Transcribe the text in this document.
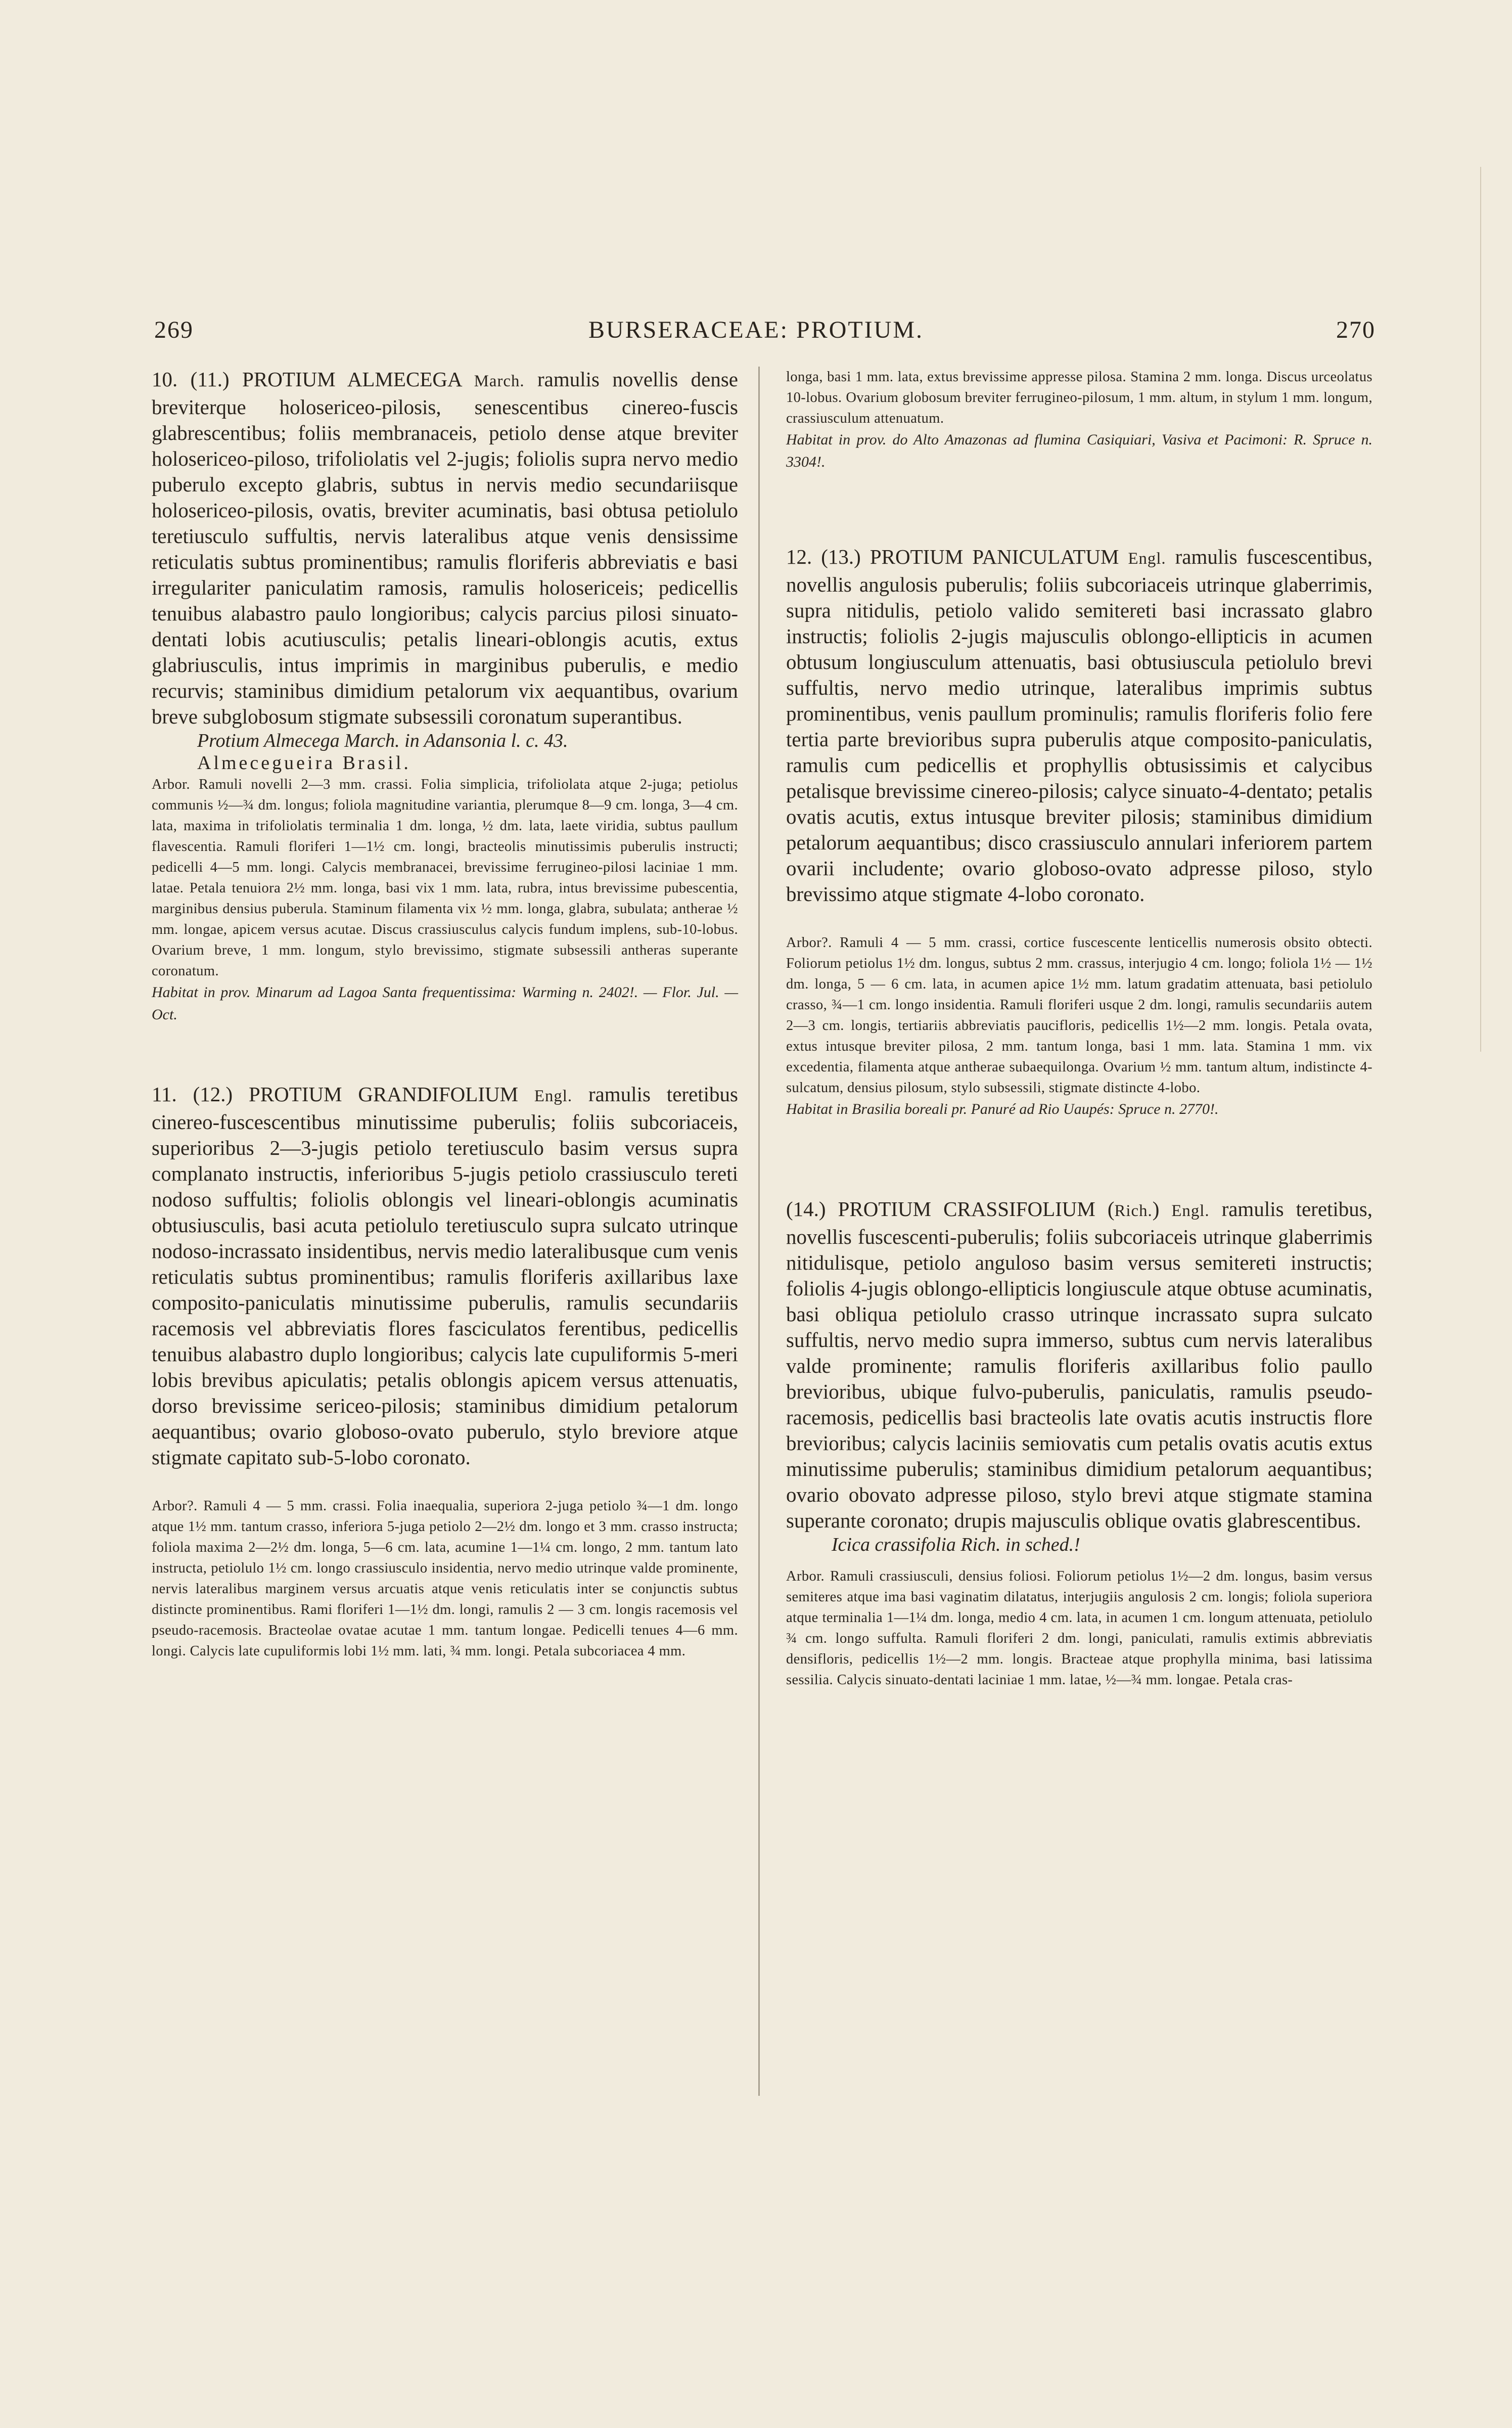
269	BURSERACEAE: PROTIUM.	270

10. (11.) PROTIUM ALMECEGA March. ramulis novellis dense breviterque holosericeo-pilosis, senescentibus cinereo-fuscis glabrescentibus; foliis membranaceis, petiolo dense atque breviter holosericeo-piloso, trifoliolatis vel 2-jugis; foliolis supra nervo medio puberulo excepto glabris, subtus in nervis medio secundariisque holosericeo-pilosis, ovatis, breviter acuminatis, basi obtusa petiolulo teretiusculo suffultis, nervis lateralibus atque venis densissime reticulatis subtus prominentibus; ramulis floriferis abbreviatis e basi irregulariter paniculatim ramosis, ramulis holosericeis; pedicellis tenuibus alabastro paulo longioribus; calycis parcius pilosi sinuato-dentati lobis acutiusculis; petalis lineari-oblongis acutis, extus glabriusculis, intus imprimis in marginibus puberulis, e medio recurvis; staminibus dimidium petalorum vix aequantibus, ovarium breve subglobosum stigmate subsessili coronatum superantibus.

Protium Almecega March. in Adansonia l. c. 43.

Almecegueira Brasil.

Arbor. Ramuli novelli 2—3 mm. crassi. Folia simplicia, trifoliolata atque 2-juga; petiolus communis ½—¾ dm. longus; foliola magnitudine variantia, plerumque 8—9 cm. longa, 3—4 cm. lata, maxima in trifoliolatis terminalia 1 dm. longa, ½ dm. lata, laete viridia, subtus paullum flavescentia. Ramuli floriferi 1—1½ cm. longi, bracteolis minutissimis puberulis instructi; pedicelli 4—5 mm. longi. Calycis membranacei, brevissime ferrugineo-pilosi laciniae 1 mm. latae. Petala tenuiora 2½ mm. longa, basi vix 1 mm. lata, rubra, intus brevissime pubescentia, marginibus densius puberula. Staminum filamenta vix ½ mm. longa, glabra, subulata; antherae ½ mm. longae, apicem versus acutae. Discus crassiusculus calycis fundum implens, sub-10-lobus. Ovarium breve, 1 mm. longum, stylo brevissimo, stigmate subsessili antheras superante coronatum.

Habitat in prov. Minarum ad Lagoa Santa frequentissima: Warming n. 2402!. — Flor. Jul. — Oct.

11. (12.) PROTIUM GRANDIFOLIUM Engl. ramulis teretibus cinereo-fuscescentibus minutissime puberulis; foliis subcoriaceis, superioribus 2—3-jugis petiolo teretiusculo basim versus supra complanato instructis, inferioribus 5-jugis petiolo crassiusculo tereti nodoso suffultis; foliolis oblongis vel lineari-oblongis acuminatis obtusiusculis, basi acuta petiolulo teretiusculo supra sulcato utrinque nodoso-incrassato insidentibus, nervis medio lateralibusque cum venis reticulatis subtus prominentibus; ramulis floriferis axillaribus laxe composito-paniculatis minutissime puberulis, ramulis secundariis racemosis vel abbreviatis flores fasciculatos ferentibus, pedicellis tenuibus alabastro duplo longioribus; calycis late cupuliformis 5-meri lobis brevibus apiculatis; petalis oblongis apicem versus attenuatis, dorso brevissime sericeo-pilosis; staminibus dimidium petalorum aequantibus; ovario globoso-ovato puberulo, stylo breviore atque stigmate capitato sub-5-lobo coronato.

Arbor?. Ramuli 4 — 5 mm. crassi. Folia inaequalia, superiora 2-juga petiolo ¾—1 dm. longo atque 1½ mm. tantum crasso, inferiora 5-juga petiolo 2—2½ dm. longo et 3 mm. crasso instructa; foliola maxima 2—2½ dm. longa, 5—6 cm. lata, acumine 1—1¼ cm. longo, 2 mm. tantum lato instructa, petiolulo 1½ cm. longo crassiusculo insidentia, nervo medio utrinque valde prominente, nervis lateralibus marginem versus arcuatis atque venis reticulatis inter se conjunctis subtus distincte prominentibus. Rami floriferi 1—1½ dm. longi, ramulis 2 — 3 cm. longis racemosis vel pseudo-racemosis. Bracteolae ovatae acutae 1 mm. tantum longae. Pedicelli tenues 4—6 mm. longi. Calycis late cupuliformis lobi 1½ mm. lati, ¾ mm. longi. Petala subcoriacea 4 mm.

longa, basi 1 mm. lata, extus brevissime appresse pilosa. Stamina 2 mm. longa. Discus urceolatus 10-lobus. Ovarium globosum breviter ferrugineo-pilosum, 1 mm. altum, in stylum 1 mm. longum, crassiusculum attenuatum.

Habitat in prov. do Alto Amazonas ad flumina Casiquiari, Vasiva et Pacimoni: R. Spruce n. 3304!.

12. (13.) PROTIUM PANICULATUM Engl. ramulis fuscescentibus, novellis angulosis puberulis; foliis subcoriaceis utrinque glaberrimis, supra nitidulis, petiolo valido semitereti basi incrassato glabro instructis; foliolis 2-jugis majusculis oblongo-ellipticis in acumen obtusum longiusculum attenuatis, basi obtusiuscula petiolulo brevi suffultis, nervo medio utrinque, lateralibus imprimis subtus prominentibus, venis paullum prominulis; ramulis floriferis folio fere tertia parte brevioribus supra puberulis atque composito-paniculatis, ramulis cum pedicellis et prophyllis obtusissimis et calycibus petalisque brevissime cinereo-pilosis; calyce sinuato-4-dentato; petalis ovatis acutis, extus intusque breviter pilosis; staminibus dimidium petalorum aequantibus; disco crassiusculo annulari inferiorem partem ovarii includente; ovario globoso-ovato adpresse piloso, stylo brevissimo atque stigmate 4-lobo coronato.

Arbor?. Ramuli 4 — 5 mm. crassi, cortice fuscescente lenticellis numerosis obsito obtecti. Foliorum petiolus 1½ dm. longus, subtus 2 mm. crassus, interjugio 4 cm. longo; foliola 1½ — 1½ dm. longa, 5 — 6 cm. lata, in acumen apice 1½ mm. latum gradatim attenuata, basi petiolulo crasso, ¾—1 cm. longo insidentia. Ramuli floriferi usque 2 dm. longi, ramulis secundariis autem 2—3 cm. longis, tertiariis abbreviatis paucifloris, pedicellis 1½—2 mm. longis. Petala ovata, extus intusque breviter pilosa, 2 mm. tantum longa, basi 1 mm. lata. Stamina 1 mm. vix excedentia, filamenta atque antherae subaequilonga. Ovarium ½ mm. tantum altum, indistincte 4-sulcatum, densius pilosum, stylo subsessili, stigmate distincte 4-lobo.

Habitat in Brasilia boreali pr. Panuré ad Rio Uaupés: Spruce n. 2770!.

(14.) PROTIUM CRASSIFOLIUM (Rich.) Engl. ramulis teretibus, novellis fuscescenti-puberulis; foliis subcoriaceis utrinque glaberrimis nitidulisque, petiolo anguloso basim versus semitereti instructis; foliolis 4-jugis oblongo-ellipticis longiuscule atque obtuse acuminatis, basi obliqua petiolulo crasso utrinque incrassato supra sulcato suffultis, nervo medio supra immerso, subtus cum nervis lateralibus valde prominente; ramulis floriferis axillaribus folio paullo brevioribus, ubique fulvo-puberulis, paniculatis, ramulis pseudo-racemosis, pedicellis basi bracteolis late ovatis acutis instructis flore brevioribus; calycis laciniis semiovatis cum petalis ovatis acutis extus minutissime puberulis; staminibus dimidium petalorum aequantibus; ovario obovato adpresse piloso, stylo brevi atque stigmate stamina superante coronato; drupis majusculis oblique ovatis glabrescentibus.

Icica crassifolia Rich. in sched.!

Arbor. Ramuli crassiusculi, densius foliosi. Foliorum petiolus 1½—2 dm. longus, basim versus semiteres atque ima basi vaginatim dilatatus, interjugiis angulosis 2 cm. longis; foliola superiora atque terminalia 1—1¼ dm. longa, medio 4 cm. lata, in acumen 1 cm. longum attenuata, petiolulo ¾ cm. longo suffulta. Ramuli floriferi 2 dm. longi, paniculati, ramulis extimis abbreviatis densifloris, pedicellis 1½—2 mm. longis. Bracteae atque prophylla minima, basi latissima sessilia. Calycis sinuato-dentati laciniae 1 mm. latae, ½—¾ mm. longae. Petala cras-
